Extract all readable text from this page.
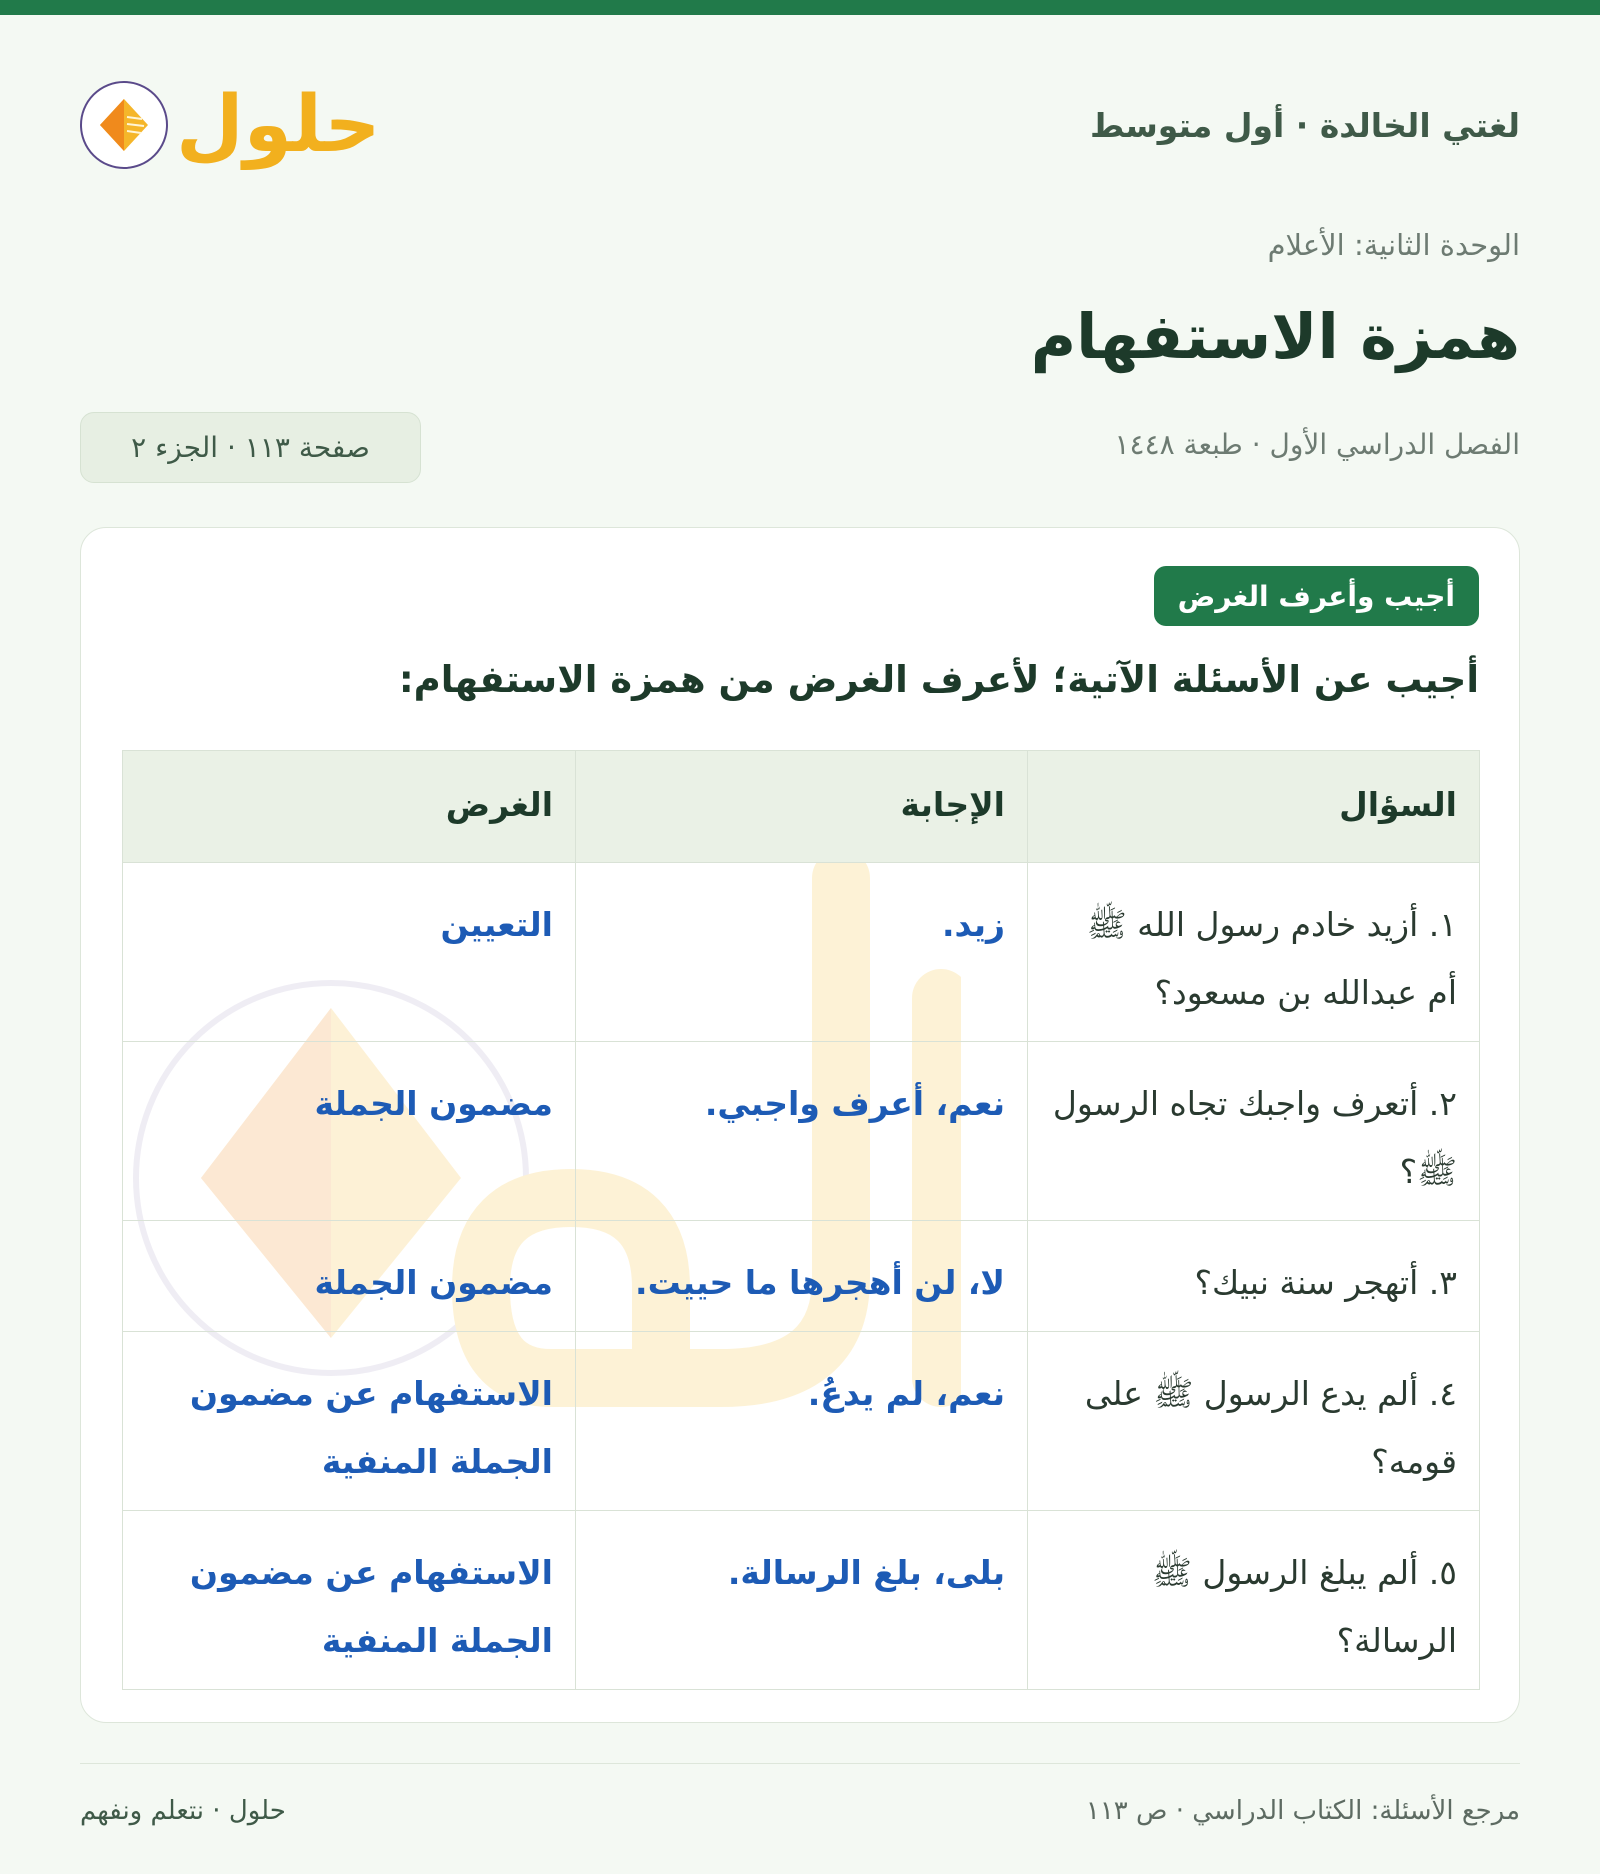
لغتي الخالدة · أول متوسط
حلول
الوحدة الثانية: الأعلام
همزة الاستفهام
الفصل الدراسي الأول · طبعة ١٤٤٨
صفحة ١١٣ · الجزء ٢
أجيب وأعرف الغرض
أجيب عن الأسئلة الآتية؛ لأعرف الغرض من همزة الاستفهام:
السؤال	الإجابة	الغرض
١. أزيد خادم رسول الله ﷺ أم عبدالله بن مسعود؟	زيد.	التعيين
٢. أتعرف واجبك تجاه الرسول ﷺ؟	نعم، أعرف واجبي.	مضمون الجملة
٣. أتهجر سنة نبيك؟	لا، لن أهجرها ما حييت.	مضمون الجملة
٤. ألم يدع الرسول ﷺ على قومه؟	نعم، لم يدعُ.	الاستفهام عن مضمون الجملة المنفية
٥. ألم يبلغ الرسول ﷺ الرسالة؟	بلى، بلغ الرسالة.	الاستفهام عن مضمون الجملة المنفية
مرجع الأسئلة: الكتاب الدراسي · ص ١١٣
حلول · نتعلم ونفهم
